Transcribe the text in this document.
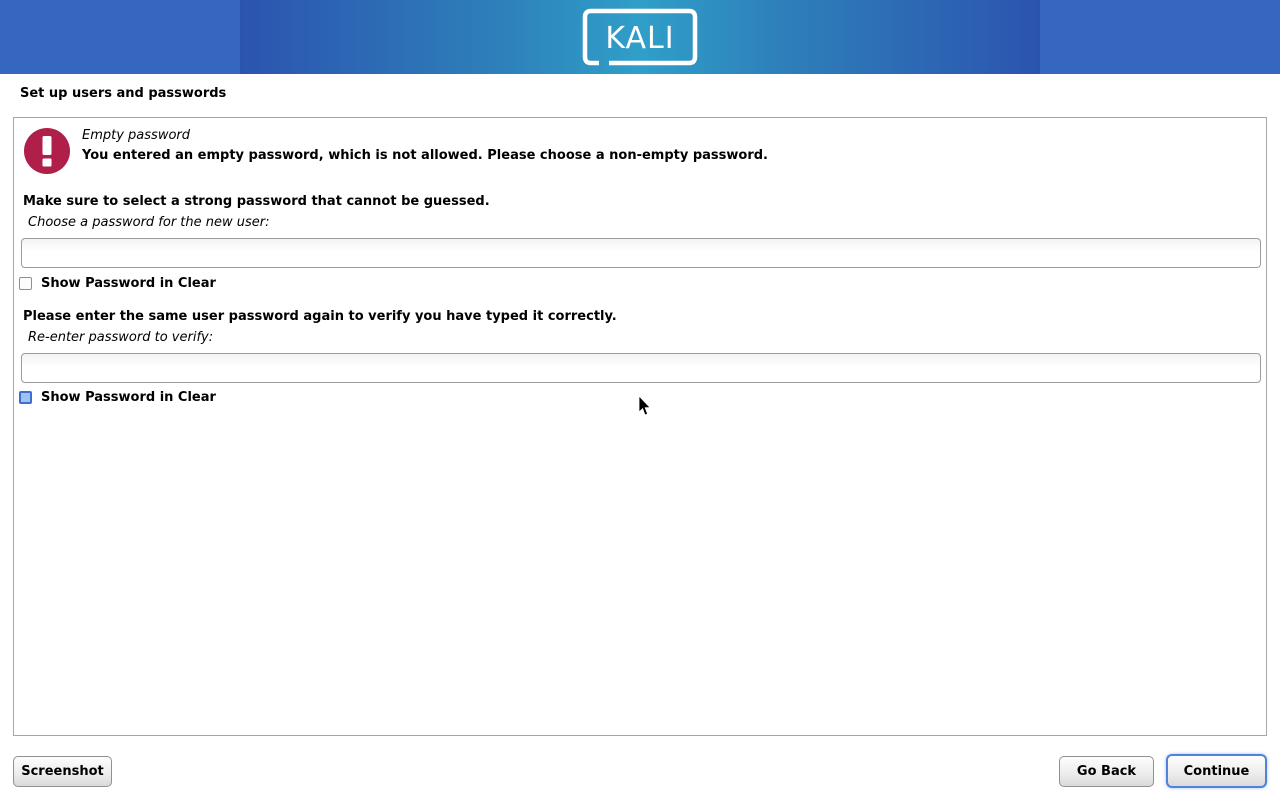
KALI
Set up users and passwords
Empty password
You entered an empty password, which is not allowed. Please choose a non-empty password.
Make sure to select a strong password that cannot be guessed.
Choose a password for the new user:
Show Password in Clear
Please enter the same user password again to verify you have typed it correctly.
Re-enter password to verify:
Show Password in Clear
Screenshot	Go Back	Continue
